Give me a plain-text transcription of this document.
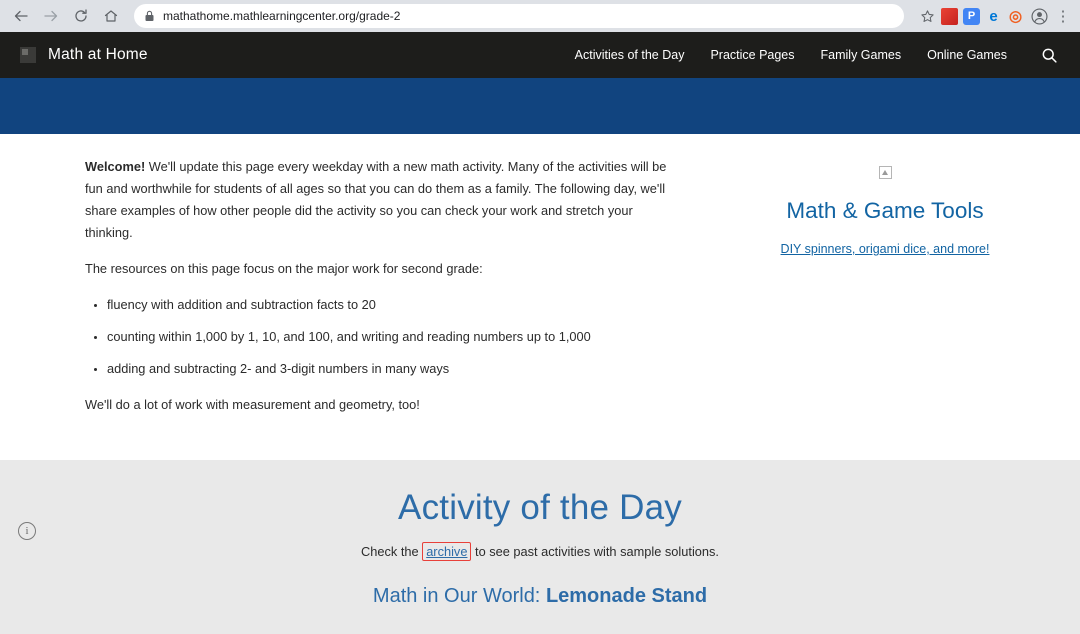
mathathome.mathlearningcenter.org/grade-2	P e ◎ ⋮
Math at Home	Activities of the Day Practice Pages Family Games Online Games

Welcome! We'll update this page every weekday with a new math activity. Many of the activities will be fun and worthwhile for students of all ages so that you can do them as a family. The following day, we'll share examples of how other people did the activity so you can check your work and stretch your thinking.

The resources on this page focus on the major work for second grade:

• fluency with addition and subtraction facts to 20
• counting within 1,000 by 1, 10, and 100, and writing and reading numbers up to 1,000
• adding and subtracting 2- and 3-digit numbers in many ways

We'll do a lot of work with measurement and geometry, too!

Math & Game Tools
DIY spinners, origami dice, and more!
Activity of the Day

Check the archive to see past activities with sample solutions.

Math in Our World: Lemonade Stand
i
